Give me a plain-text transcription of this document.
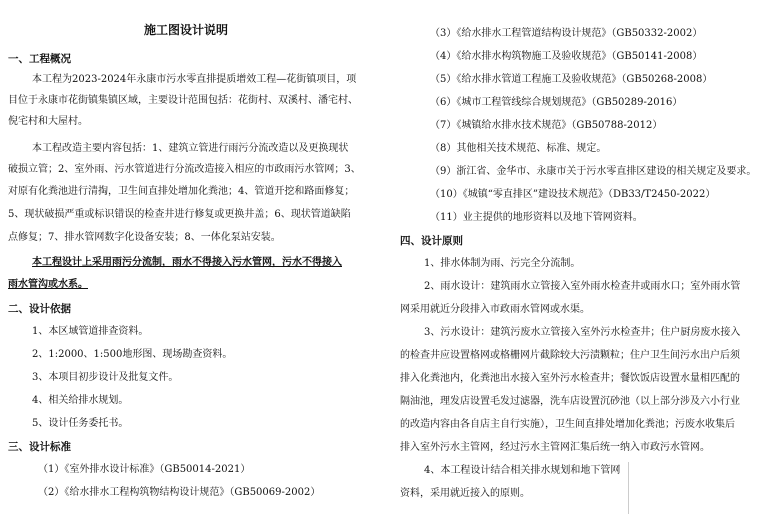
施工图设计说明
一、工程概况
本工程为2023-2024年永康市污水零直排提质增效工程—花街镇项目，项
目位于永康市花街镇集镇区域，主要设计范围包括：花街村、双溪村、潘宅村、
倪宅村和大屋村。
本工程改造主要内容包括：1、建筑立管进行雨污分流改造以及更换现状
破损立管；2、室外雨、污水管道进行分流改造接入相应的市政雨污水管网；3、
对原有化粪池进行清掏，卫生间直排处增加化粪池；4、管道开挖和路面修复；
5、现状破损严重或标识错误的检查井进行修复或更换井盖；6、现状管道缺陷
点修复；7、排水管网数字化设备安装；8、一体化泵站安装。
本工程设计上采用雨污分流制，雨水不得接入污水管网，污水不得接入
雨水管沟或水系。
二、设计依据
1、本区域管道排查资料。
2、1:2000、1:500地形图、现场勘查资料。
3、本项目初步设计及批复文件。
4、相关给排水规划。
5、设计任务委托书。
三、设计标准
（1）《室外排水设计标准》（GB50014-2021）
（2）《给水排水工程构筑物结构设计规范》（GB50069-2002）
（3）《给水排水工程管道结构设计规范》（GB50332-2002）
（4）《给水排水构筑物施工及验收规范》（GB50141-2008）
（5）《给水排水管道工程施工及验收规范》（GB50268-2008）
（6）《城市工程管线综合规划规范》（GB50289-2016）
（7）《城镇给水排水技术规范》（GB50788-2012）
（8）其他相关技术规范、标准、规定。
（9）浙江省、金华市、永康市关于污水零直排区建设的相关规定及要求。
（10）《城镇“零直排区”建设技术规范》（DB33/T2450-2022）
（11）业主提供的地形资料以及地下管网资料。
四、设计原则
1、排水体制为雨、污完全分流制。
2、雨水设计：建筑雨水立管接入室外雨水检查井或雨水口；室外雨水管
网采用就近分段排入市政雨水管网或水渠。
3、污水设计：建筑污废水立管接入室外污水检查井；住户厨房废水接入
的检查井应设置格网或格栅网片截除较大污渍颗粒；住户卫生间污水出户后须
排入化粪池内，化粪池出水接入室外污水检查井；餐饮饭店设置水量相匹配的
隔油池，理发店设置毛发过滤器，洗车店设置沉砂池（以上部分涉及六小行业
的改造内容由各自店主自行实施），卫生间直排处增加化粪池；污废水收集后
排入室外污水主管网，经过污水主管网汇集后统一纳入市政污水管网。
4、本工程设计结合相关排水规划和地下管网
资料，采用就近接入的原则。
